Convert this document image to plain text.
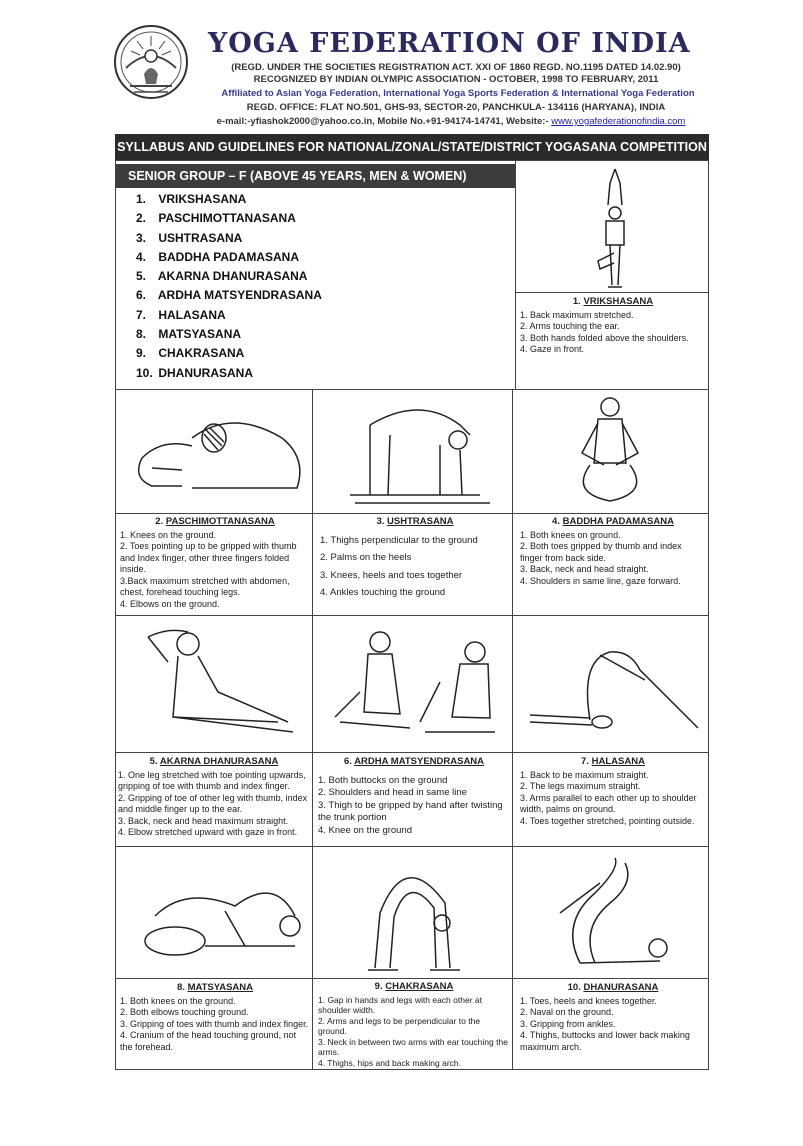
YOGA FEDERATION OF INDIA
(REGD. UNDER THE SOCIETIES REGISTRATION ACT. XXI OF 1860 REGD. NO.1195 DATED 14.02.90)
RECOGNIZED BY INDIAN OLYMPIC ASSOCIATION - OCTOBER, 1998 TO FEBRUARY, 2011
Affiliated to Asian Yoga Federation, International Yoga Sports Federation & International Yoga Federation
REGD. OFFICE: FLAT NO.501, GHS-93, SECTOR-20, PANCHKULA- 134116 (HARYANA), INDIA
e-mail:-yfiashok2000@yahoo.co.in, Mobile No.+91-94174-14741, Website:- www.yogafederationofindia.com
SYLLABUS AND GUIDELINES FOR NATIONAL/ZONAL/STATE/DISTRICT YOGASANA COMPETITION
SENIOR GROUP – F (ABOVE 45 YEARS, MEN & WOMEN)
1. VRIKSHASANA
2. PASCHIMOTTANASANA
3. USHTRASANA
4. BADDHA PADAMASANA
5. AKARNA DHANURASANA
6. ARDHA MATSYENDRASANA
7. HALASANA
8. MATSYASANA
9. CHAKRASANA
10. DHANURASANA
1. VRIKSHASANA
1. Back maximum stretched.
2. Arms touching the ear.
3. Both hands folded above the shoulders.
4. Gaze in front.
2. PASCHIMOTTANASANA
1. Knees on the ground.
2. Toes pointing up to be gripped with thumb and Index finger, other three fingers folded inside.
3.Back maximum stretched with abdomen, chest, forehead touching legs.
4. Elbows on the ground.
3. USHTRASANA
1. Thighs perpendicular to the ground
2. Palms on the heels
3. Knees, heels and toes together
4. Ankles touching the ground
4. BADDHA PADAMASANA
1. Both knees on ground.
2. Both toes gripped by thumb and index finger from back side.
3. Back, neck and head straight.
4. Shoulders in same line, gaze forward.
5. AKARNA DHANURASANA
1. One leg stretched with toe pointing upwards, gripping of toe with thumb and index finger.
2. Gripping of toe of other leg with thumb, index and middle finger up to the ear.
3. Back, neck and head maximum straight.
4. Elbow stretched upward with gaze in front.
6. ARDHA MATSYENDRASANA
1. Both buttocks on the ground
2. Shoulders and head in same line
3. Thigh to be gripped by hand after twisting the trunk portion
4. Knee on the ground
7. HALASANA
1. Back to be maximum straight.
2. The legs maximum straight.
3. Arms parallel to each other up to shoulder width, palms on ground.
4. Toes together stretched, pointing outside.
8. MATSYASANA
1. Both knees on the ground.
2. Both elbows touching ground.
3. Gripping of toes with thumb and index finger.
4. Cranium of the head touching ground, not the forehead.
9. CHAKRASANA
1. Gap in hands and legs with each other at shoulder width.
2. Arms and legs to be perpendicular to the ground.
3. Neck in between two arms with ear touching the arms.
4. Thighs, hips and back making arch.
10. DHANURASANA
1. Toes, heels and knees together.
2. Naval on the ground.
3. Gripping from ankles.
4. Thighs, buttocks and lower back making maximum arch.
